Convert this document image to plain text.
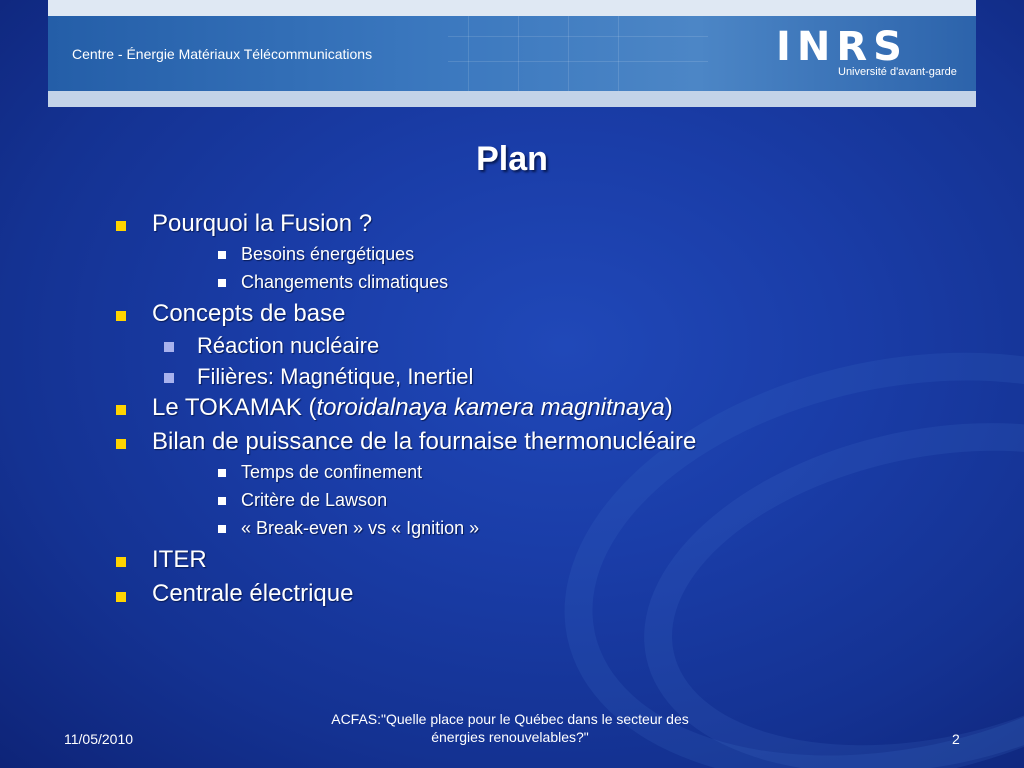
Centre - Énergie Matériaux Télécommunications	INRS
Université d'avant-garde
Plan
Pourquoi la Fusion ?
Besoins énergétiques
Changements climatiques
Concepts de base
Réaction nucléaire
Filières: Magnétique, Inertiel
Le TOKAMAK (toroidalnaya kamera magnitnaya)
Bilan de puissance de la fournaise thermonucléaire
Temps de confinement
Critère de Lawson
« Break-even » vs « Ignition »
ITER
Centrale électrique
11/05/2010
ACFAS:"Quelle place pour le Québec dans le secteur des
énergies renouvelables?"	2
